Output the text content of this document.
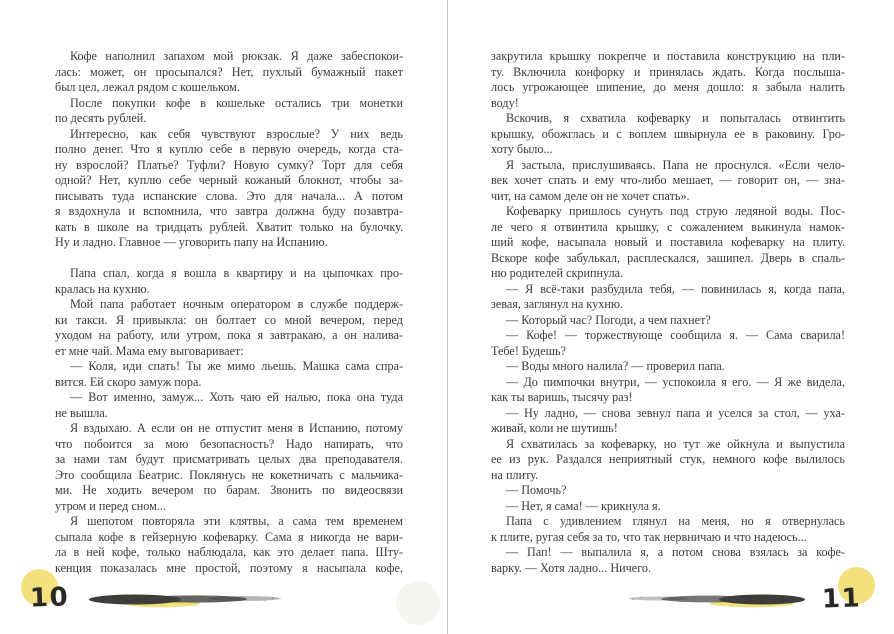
Кофе наполнил запахом мой рюкзак. Я даже забеспокои-
лась: может, он просыпался? Нет, пухлый бумажный пакет
был цел, лежал рядом с кошельком.
После покупки кофе в кошельке остались три монетки
по десять рублей.
Интересно, как себя чувствуют взрослые? У них ведь
полно денег. Что я куплю себе в первую очередь, когда ста-
ну взрослой? Платье? Туфли? Новую сумку? Торт для себя
одной? Нет, куплю себе черный кожаный блокнот, чтобы за-
писывать туда испанские слова. Это для начала... А потом
я вздохнула и вспомнила, что завтра должна буду позавтра-
кать в школе на тридцать рублей. Хватит только на булочку.
Ну и ладно. Главное — уговорить папу на Испанию.
Папа спал, когда я вошла в квартиру и на цыпочках про-
кралась на кухню.
Мой папа работает ночным оператором в службе поддерж-
ки такси. Я привыкла: он болтает со мной вечером, перед
уходом на работу, или утром, пока я завтракаю, а он налива-
ет мне чай. Мама ему выговаривает:
— Коля, иди спать! Ты же мимо льешь. Машка сама спра-
вится. Ей скоро замуж пора.
— Вот именно, замуж... Хоть чаю ей налью, пока она туда
не вышла.
Я вздыхаю. А если он не отпустит меня в Испанию, потому
что побоится за мою безопасность? Надо напирать, что
за нами там будут присматривать целых два преподавателя.
Это сообщила Беатрис. Поклянусь не кокетничать с мальчика-
ми. Не ходить вечером по барам. Звонить по видеосвязи
утром и перед сном...
Я шепотом повторяла эти клятвы, а сама тем временем
сыпала кофе в гейзерную кофеварку. Сама я никогда не вари-
ла в ней кофе, только наблюдала, как это делает папа. Шту-
кенция показалась мне простой, поэтому я насыпала кофе,
10
закрутила крышку покрепче и поставила конструкцию на пли-
ту. Включила конфорку и принялась ждать. Когда послыша-
лось угрожающее шипение, до меня дошло: я забыла налить
воду!
Вскочив, я схватила кофеварку и попыталась отвинтить
крышку, обожглась и с воплем швырнула ее в раковину. Гро-
хоту было...
Я застыла, прислушиваясь. Папа не проснулся. «Если чело-
век хочет спать и ему что-либо мешает, — говорит он, — зна-
чит, на самом деле он не хочет спать».
Кофеварку пришлось сунуть под струю ледяной воды. Пос-
ле чего я отвинтила крышку, с сожалением выкинула намок-
ший кофе, насыпала новый и поставила кофеварку на плиту.
Вскоре кофе забулькал, расплескался, зашипел. Дверь в спаль-
ню родителей скрипнула.
— Я всё-таки разбудила тебя, — повинилась я, когда папа,
зевая, заглянул на кухню.
— Который час? Погоди, а чем пахнет?
— Кофе! — торжествующе сообщила я. — Сама сварила!
Тебе! Будешь?
— Воды много налила? — проверил папа.
— До пимпочки внутри, — успокоила я его. — Я же видела,
как ты варишь, тысячу раз!
— Ну ладно, — снова зевнул папа и уселся за стол, — уха-
живай, коли не шутишь!
Я схватилась за кофеварку, но тут же ойкнула и выпустила
ее из рук. Раздался неприятный стук, немного кофе вылилось
на плиту.
— Помочь?
— Нет, я сама! — крикнула я.
Папа с удивлением глянул на меня, но я отвернулась
к плите, ругая себя за то, что так нервничаю и что надеюсь...
— Пап! — выпалила я, а потом снова взялась за кофе-
варку. — Хотя ладно... Ничего.
11
